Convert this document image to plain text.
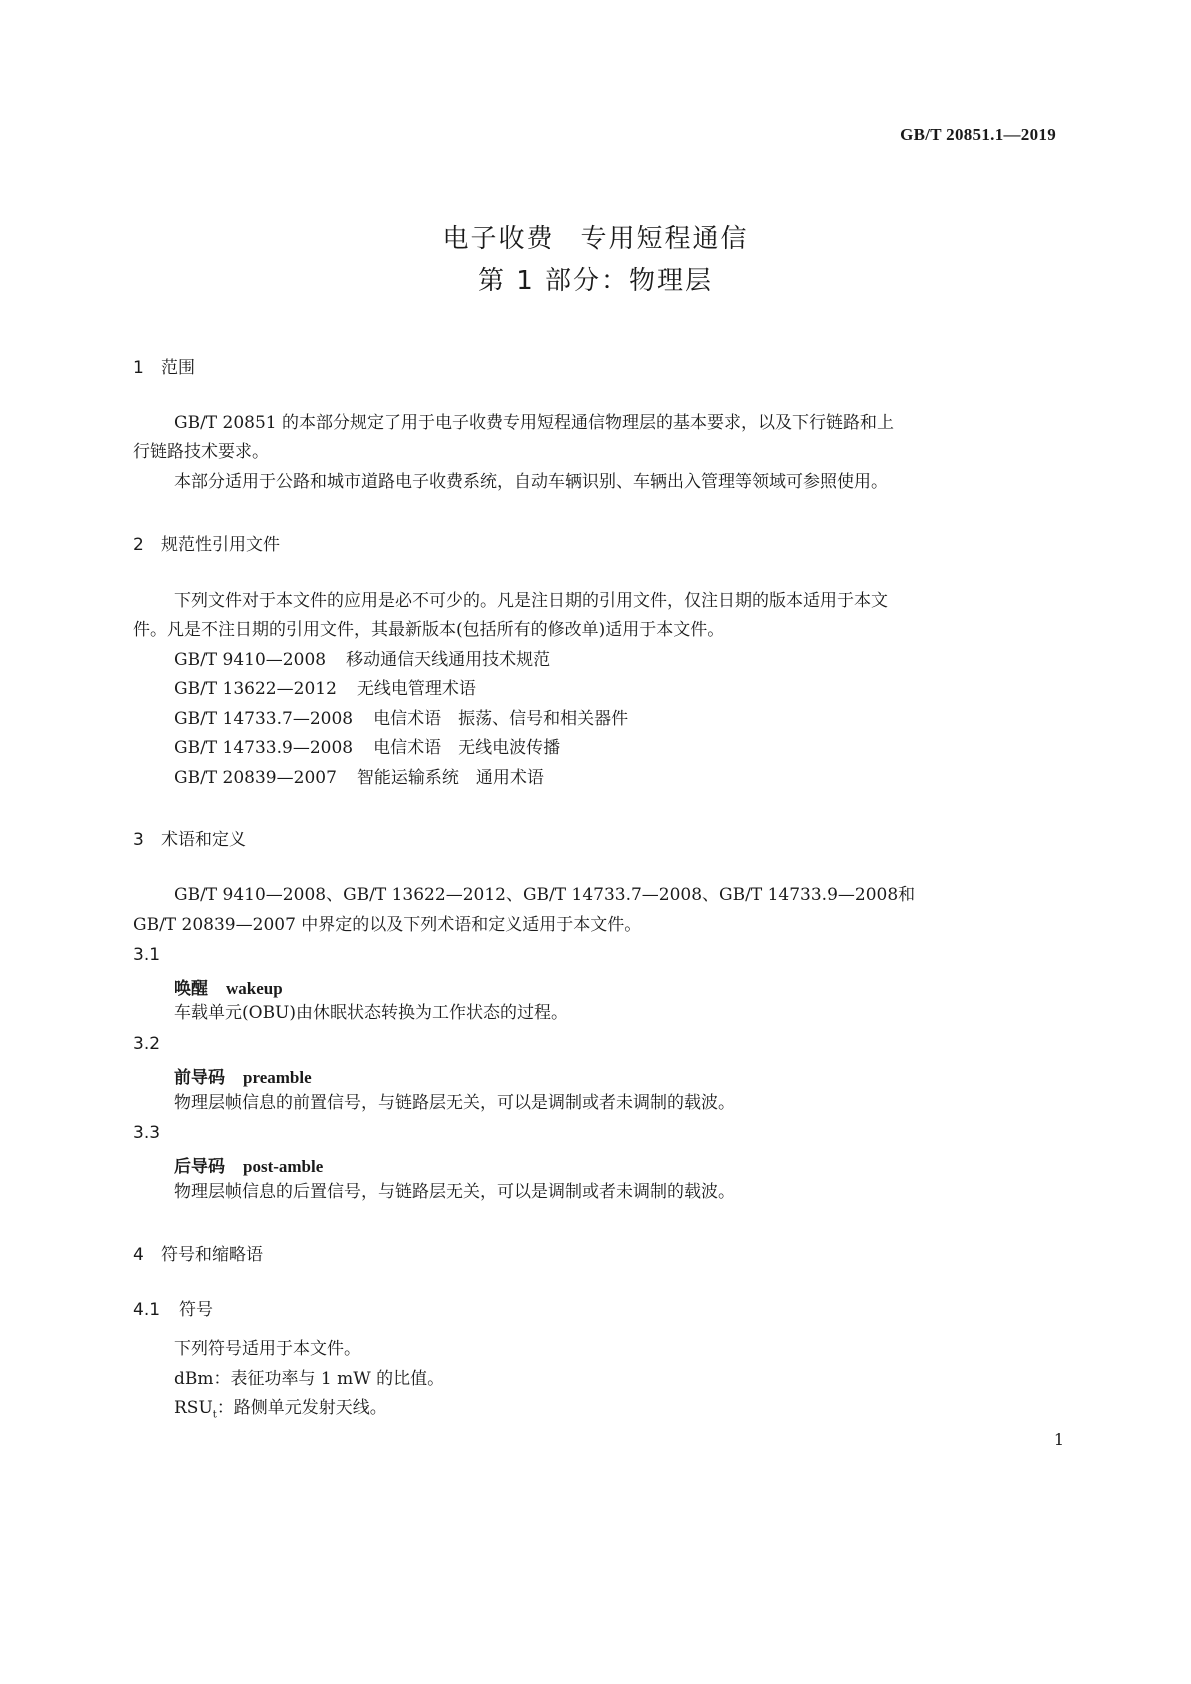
GB/T 20851.1—2019
电子收费 专用短程通信
第 1 部分：物理层
1 范围
GB/T 20851 的本部分规定了用于电子收费专用短程通信物理层的基本要求，以及下行链路和上
行链路技术要求。
本部分适用于公路和城市道路电子收费系统，自动车辆识别、车辆出入管理等领域可参照使用。
2 规范性引用文件
下列文件对于本文件的应用是必不可少的。凡是注日期的引用文件，仅注日期的版本适用于本文
件。凡是不注日期的引用文件，其最新版本(包括所有的修改单)适用于本文件。
GB/T 9410—2008 移动通信天线通用技术规范
GB/T 13622—2012 无线电管理术语
GB/T 14733.7—2008 电信术语　振荡、信号和相关器件
GB/T 14733.9—2008 电信术语　无线电波传播
GB/T 20839—2007 智能运输系统　通用术语
3 术语和定义
GB/T 9410—2008、GB/T 13622—2012、GB/T 14733.7—2008、GB/T 14733.9—2008和
GB/T 20839—2007 中界定的以及下列术语和定义适用于本文件。
3.1
唤醒 wakeup
车载单元(OBU)由休眠状态转换为工作状态的过程。
3.2
前导码 preamble
物理层帧信息的前置信号，与链路层无关，可以是调制或者未调制的载波。
3.3
后导码 post-amble
物理层帧信息的后置信号，与链路层无关，可以是调制或者未调制的载波。
4 符号和缩略语
4.1 符号
下列符号适用于本文件。
dBm：表征功率与 1 mW 的比值。
$RSU_t$：路侧单元发射天线。
1
